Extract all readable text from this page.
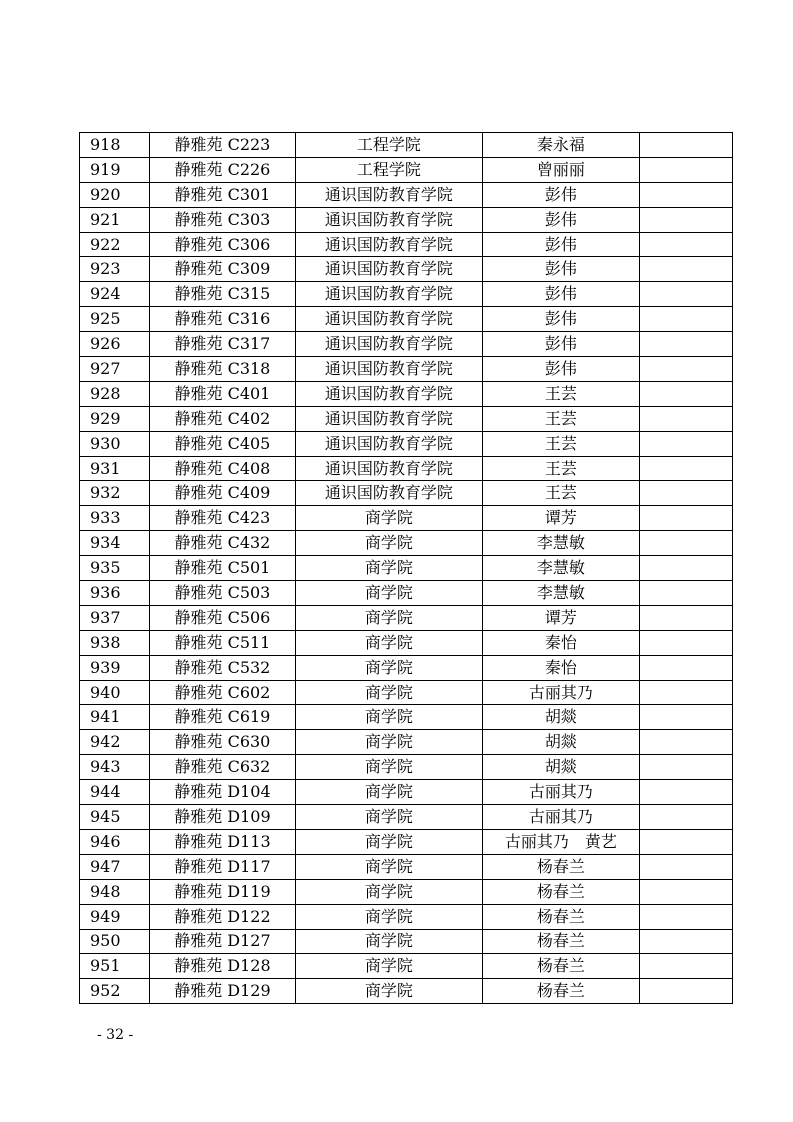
918	静雅苑 C223	工程学院	秦永福	
919	静雅苑 C226	工程学院	曾丽丽	
920	静雅苑 C301	通识国防教育学院	彭伟	
921	静雅苑 C303	通识国防教育学院	彭伟	
922	静雅苑 C306	通识国防教育学院	彭伟	
923	静雅苑 C309	通识国防教育学院	彭伟	
924	静雅苑 C315	通识国防教育学院	彭伟	
925	静雅苑 C316	通识国防教育学院	彭伟	
926	静雅苑 C317	通识国防教育学院	彭伟	
927	静雅苑 C318	通识国防教育学院	彭伟	
928	静雅苑 C401	通识国防教育学院	王芸	
929	静雅苑 C402	通识国防教育学院	王芸	
930	静雅苑 C405	通识国防教育学院	王芸	
931	静雅苑 C408	通识国防教育学院	王芸	
932	静雅苑 C409	通识国防教育学院	王芸	
933	静雅苑 C423	商学院	谭芳	
934	静雅苑 C432	商学院	李慧敏	
935	静雅苑 C501	商学院	李慧敏	
936	静雅苑 C503	商学院	李慧敏	
937	静雅苑 C506	商学院	谭芳	
938	静雅苑 C511	商学院	秦怡	
939	静雅苑 C532	商学院	秦怡	
940	静雅苑 C602	商学院	古丽其乃	
941	静雅苑 C619	商学院	胡燚	
942	静雅苑 C630	商学院	胡燚	
943	静雅苑 C632	商学院	胡燚	
944	静雅苑 D104	商学院	古丽其乃	
945	静雅苑 D109	商学院	古丽其乃	
946	静雅苑 D113	商学院	古丽其乃　黄艺	
947	静雅苑 D117	商学院	杨春兰	
948	静雅苑 D119	商学院	杨春兰	
949	静雅苑 D122	商学院	杨春兰	
950	静雅苑 D127	商学院	杨春兰	
951	静雅苑 D128	商学院	杨春兰	
952	静雅苑 D129	商学院	杨春兰	
- 32 -
